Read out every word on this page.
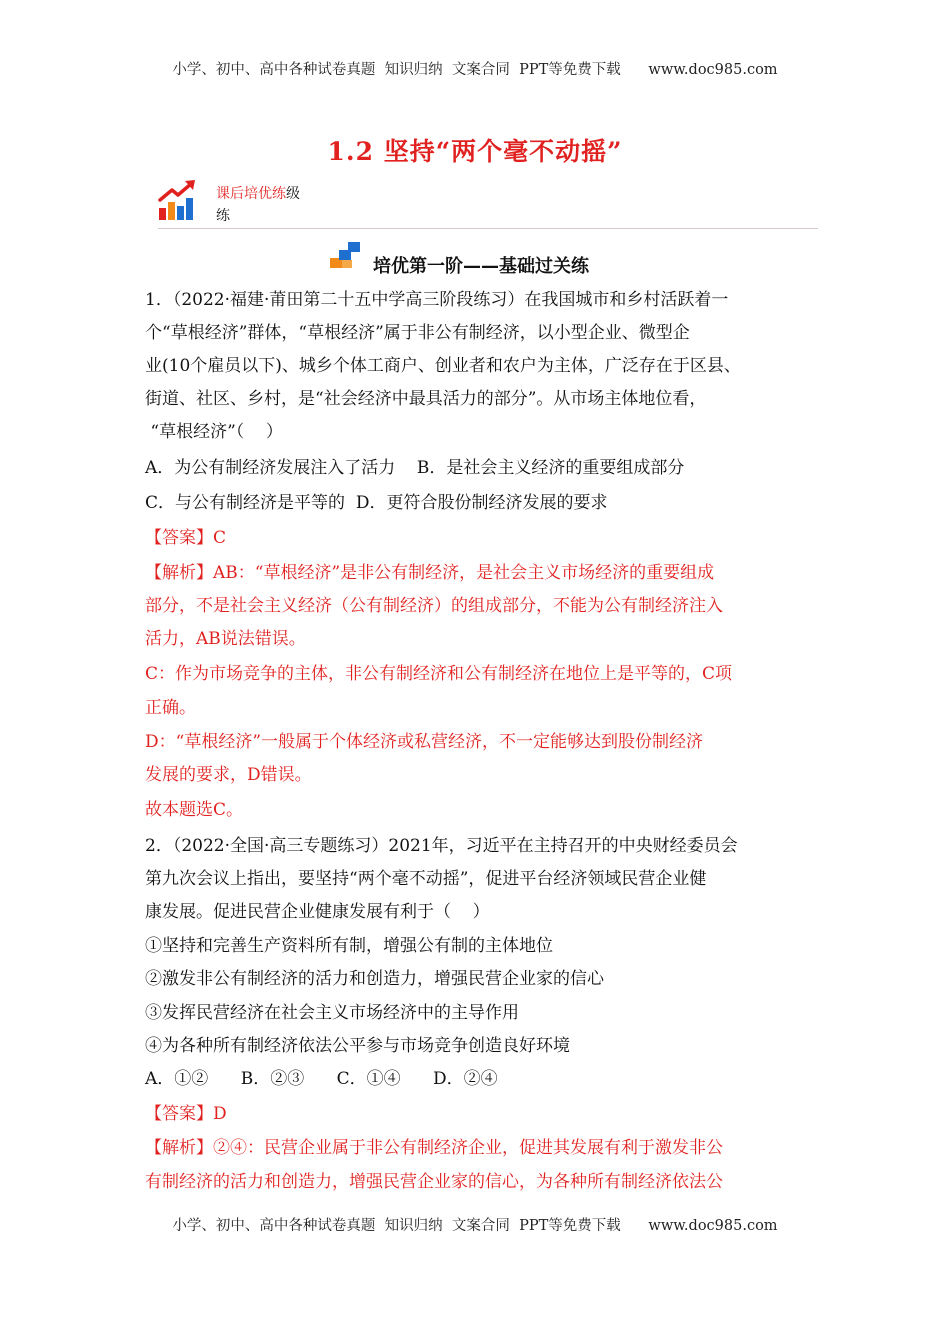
小学、初中、高中各种试卷真题  知识归纳  文案合同  PPT等免费下载      www.doc985.com
1.2 坚持“两个毫不动摇”
课后培优练级
练
培优第一阶——基础过关练
1．（2022·福建·莆田第二十五中学高三阶段练习）在我国城市和乡村活跃着一
个“草根经济”群体，“草根经济”属于非公有制经济，以小型企业、微型企
业(10个雇员以下)、城乡个体工商户、创业者和农户为主体，广泛存在于区县、
街道、社区、乡村，是“社会经济中最具活力的部分”。从市场主体地位看，
“草根经济”（    ）
A．为公有制经济发展注入了活力    B．是社会主义经济的重要组成部分
C．与公有制经济是平等的  D．更符合股份制经济发展的要求
【答案】C
【解析】AB：“草根经济”是非公有制经济，是社会主义市场经济的重要组成
部分，不是社会主义经济（公有制经济）的组成部分，不能为公有制经济注入
活力，AB说法错误。
C：作为市场竞争的主体，非公有制经济和公有制经济在地位上是平等的，C项
正确。
D：“草根经济”一般属于个体经济或私营经济，不一定能够达到股份制经济
发展的要求，D错误。
故本题选C。
2．（2022·全国·高三专题练习）2021年，习近平在主持召开的中央财经委员会
第九次会议上指出，要坚持“两个毫不动摇”，促进平台经济领域民营企业健
康发展。促进民营企业健康发展有利于（    ）
①坚持和完善生产资料所有制，增强公有制的主体地位
②激发非公有制经济的活力和创造力，增强民营企业家的信心
③发挥民营经济在社会主义市场经济中的主导作用
④为各种所有制经济依法公平参与市场竞争创造良好环境
A．①②      B．②③      C．①④      D．②④
【答案】D
【解析】②④：民营企业属于非公有制经济企业，促进其发展有利于激发非公
有制经济的活力和创造力，增强民营企业家的信心，为各种所有制经济依法公
小学、初中、高中各种试卷真题  知识归纳  文案合同  PPT等免费下载      www.doc985.com
